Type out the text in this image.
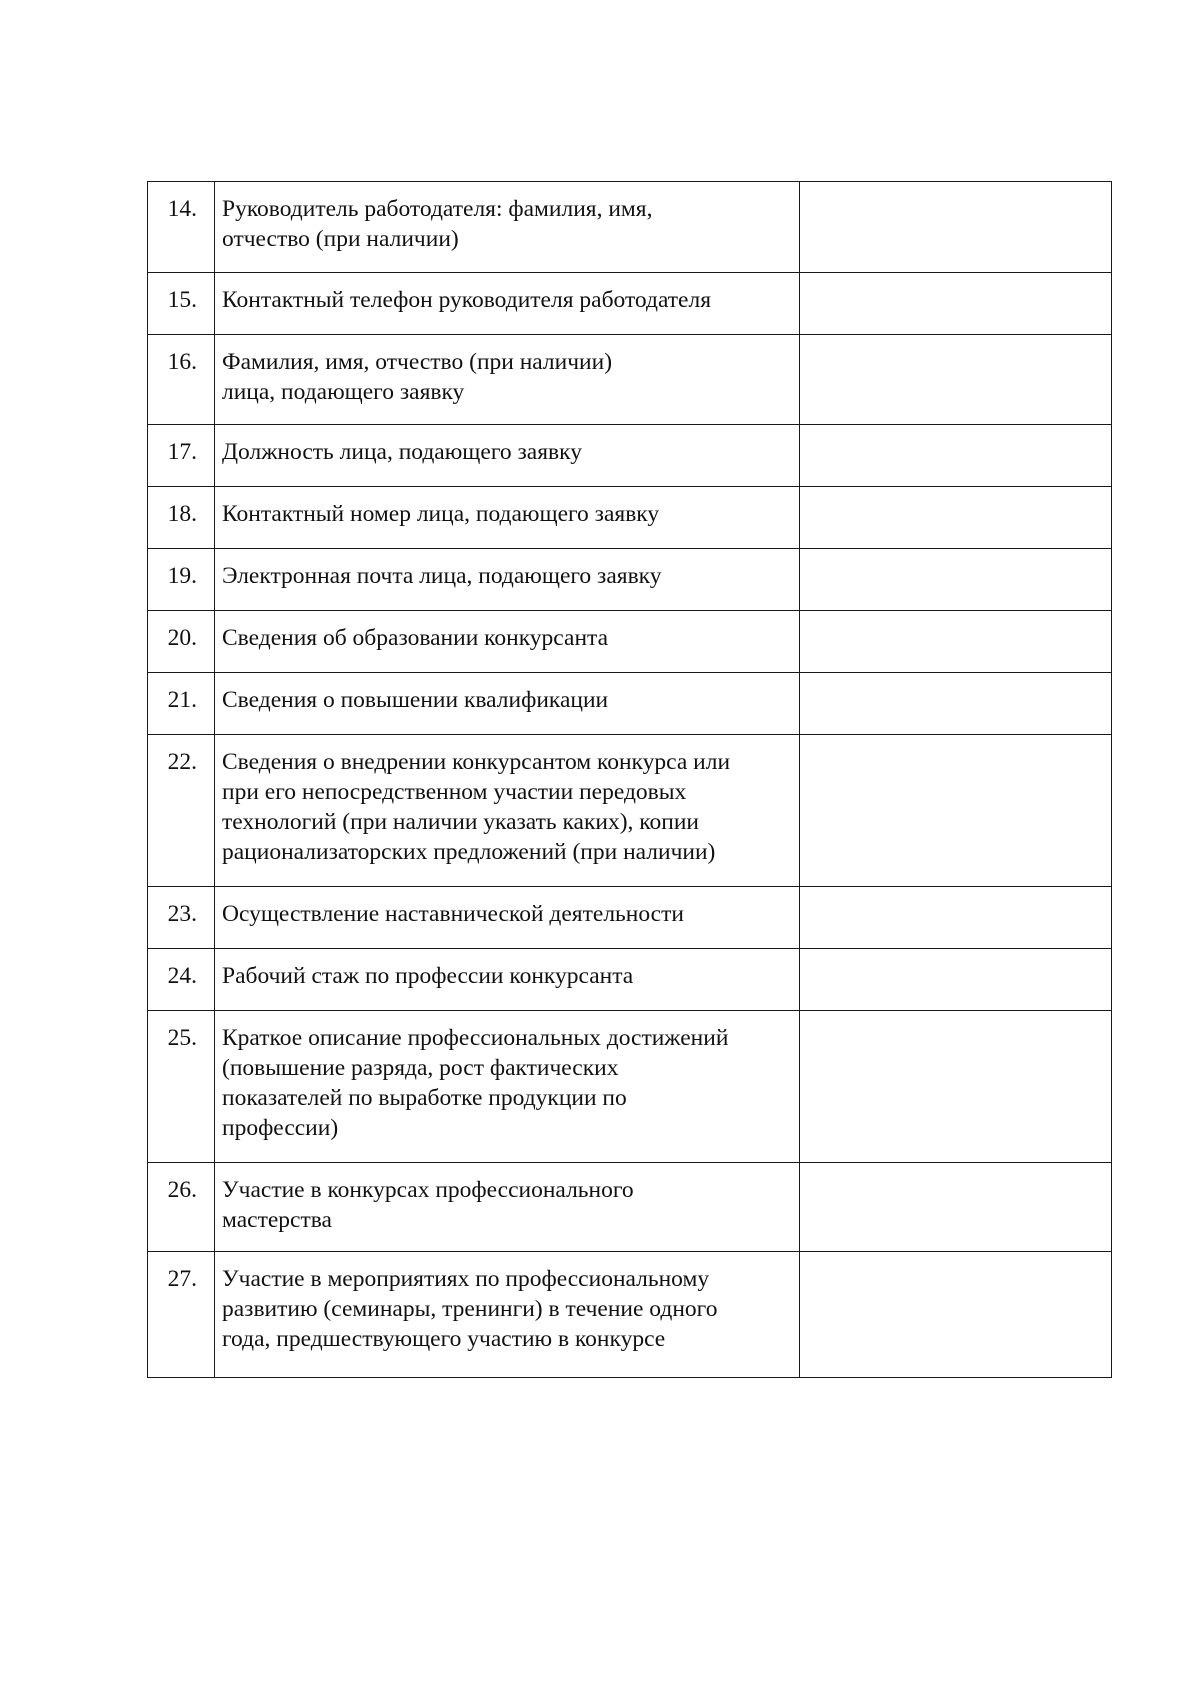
14.	Руководитель работодателя: фамилия, имя,
отчество (при наличии)	
15.	Контактный телефон руководителя работодателя	
16.	Фамилия, имя, отчество (при наличии)
лица, подающего заявку	
17.	Должность лица, подающего заявку	
18.	Контактный номер лица, подающего заявку	
19.	Электронная почта лица, подающего заявку	
20.	Сведения об образовании конкурсанта	
21.	Сведения о повышении квалификации	
22.	Сведения о внедрении конкурсантом конкурса или
при его непосредственном участии передовых
технологий (при наличии указать каких), копии
рационализаторских предложений (при наличии)	
23.	Осуществление наставнической деятельности	
24.	Рабочий стаж по профессии конкурсанта	
25.	Краткое описание профессиональных достижений
(повышение разряда, рост фактических
показателей по выработке продукции по
профессии)	
26.	Участие в конкурсах профессионального
мастерства	
27.	Участие в мероприятиях по профессиональному
развитию (семинары, тренинги) в течение одного
года, предшествующего участию в конкурсе	
